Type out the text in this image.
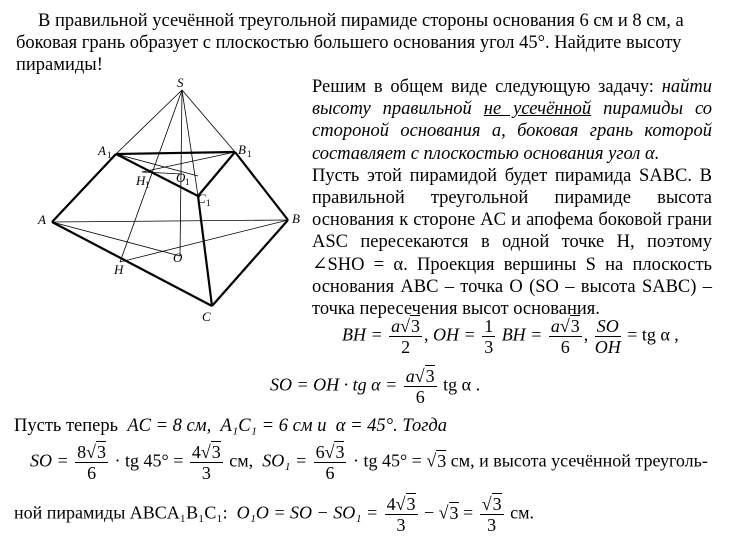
В правильной усечённой треугольной пирамиде стороны основания 6 см и 8 см, а
боковая грань образует с плоскостью большего основания угол 45°. Найдите высоту
пирамиды!
S
A 1	B 1
H 1 O 1
C 1
A	B
O
H
C
Решим в общем виде следующую задачу: найти высоту правильной не усечённой пирамиды со стороной основания a, боковая грань которой составляет с плоскостью основания угол α.
Пусть этой пирамидой будет пирамида SABC. В правильной треугольной пирамиде высота основания к стороне AC и апофема боковой грани ASC пересекаются в одной точке H, поэтому ∠SHO = α. Проекция вершины S на плоскость основания ABC – точка O (SO – высота SABC) – точка пересечения высот основания.
BH = $\frac{a√3}{2}$ , OH = $\frac{1}{3}$ BH = $\frac{a√3}{6}$ , $\frac{SO}{OH}$ = tg α ,
SO = OH · tg $\alpha = \frac{a√3}{6}$ tg α .
Пусть теперь AC = 8 см, A₁C₁ = 6 см и α = 45°. Тогда
SO = $\frac{8√3}{6}$ · tg $45^\circ = \frac{4√3}{3}$ см, $SO_1 = \frac{6√3}{6}$ · tg 45° = √3 см, и высота усечённой треуголь-
ной пирамиды ABCA₁B₁C₁: O₁O = SO − $SO_1 = \frac{4√3}{3} - √3 = \frac{√3}{3}$ см.
